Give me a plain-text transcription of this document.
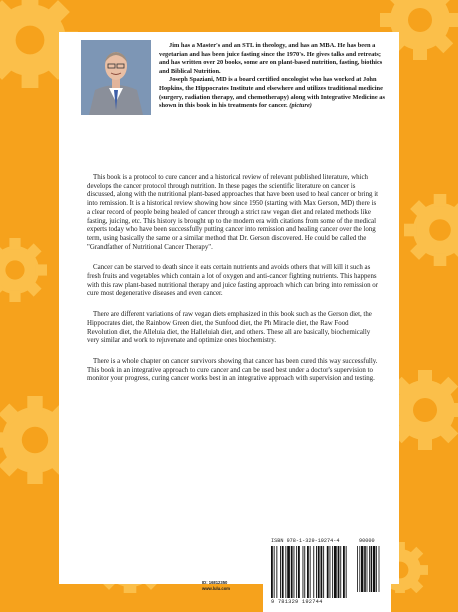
Jim has a Master's and an STL in theology, and has an MBA. He has been a vegetarian and has been juice fasting since the 1970's. He gives talks and retreats; and has written over 20 books, some are on plant-based nutrition, fasting, biothics and Biblical Nutrition.

Joseph Spaziani, MD is a board certified oncologist who has worked at John Hopkins, the Hippocrates Institute and elsewhere and utilizes traditional medicine (surgery, radiation therapy, and chemotherapy) along with Integrative Medicine as shown in this book in his treatments for cancer. (picture)

This book is a protocol to cure cancer and a historical review of relevant published literature, which develops the cancer protocol through nutrition. In these pages the scientific literature on cancer is discussed, along with the nutritional plant-based approaches that have been used to heal cancer or bring it into remission. It is a historical review showing how since 1950 (starting with Max Gerson, MD) there is a clear record of people being healed of cancer through a strict raw vegan diet and related methods like fasting, juicing, etc. This history is brought up to the modern era with citations from some of the medical experts today who have been successfully putting cancer into remission and healing cancer over the long term, using basically the same or a similar method that Dr. Gerson discovered. He could be called the "Grandfather of Nutritional Cancer Therapy".

Cancer can be starved to death since it eats certain nutrients and avoids others that will kill it such as fresh fruits and vegetables which contain a lot of oxygen and anti-cancer fighting nutrients. This happens with this raw plant-based nutritional therapy and juice fasting approach which can bring into remission or cure most degenerative diseases and even cancer.

There are different variations of raw vegan diets emphasized in this book such as the Gerson diet, the Hippocrates diet, the Rainbow Green diet, the Sunfood diet, the Ph Miracle diet, the Raw Food Revolution diet, the Alleluia diet, the Halleluiah diet, and others. These all are basically, biochemically very similar and work to rejuvenate and optimize ones biochemistry.

There is a whole chapter on cancer survivors showing that cancer has been cured this way successfully. This book in an integrative approach to cure cancer and can be used best under a doctor's supervision to monitor your progress, curing cancer works best in an integrative approach with supervision and testing.

ID: 16812350
www.lulu.com
ISBN 978-1-329-19274-4	90000
9 781329 192744
